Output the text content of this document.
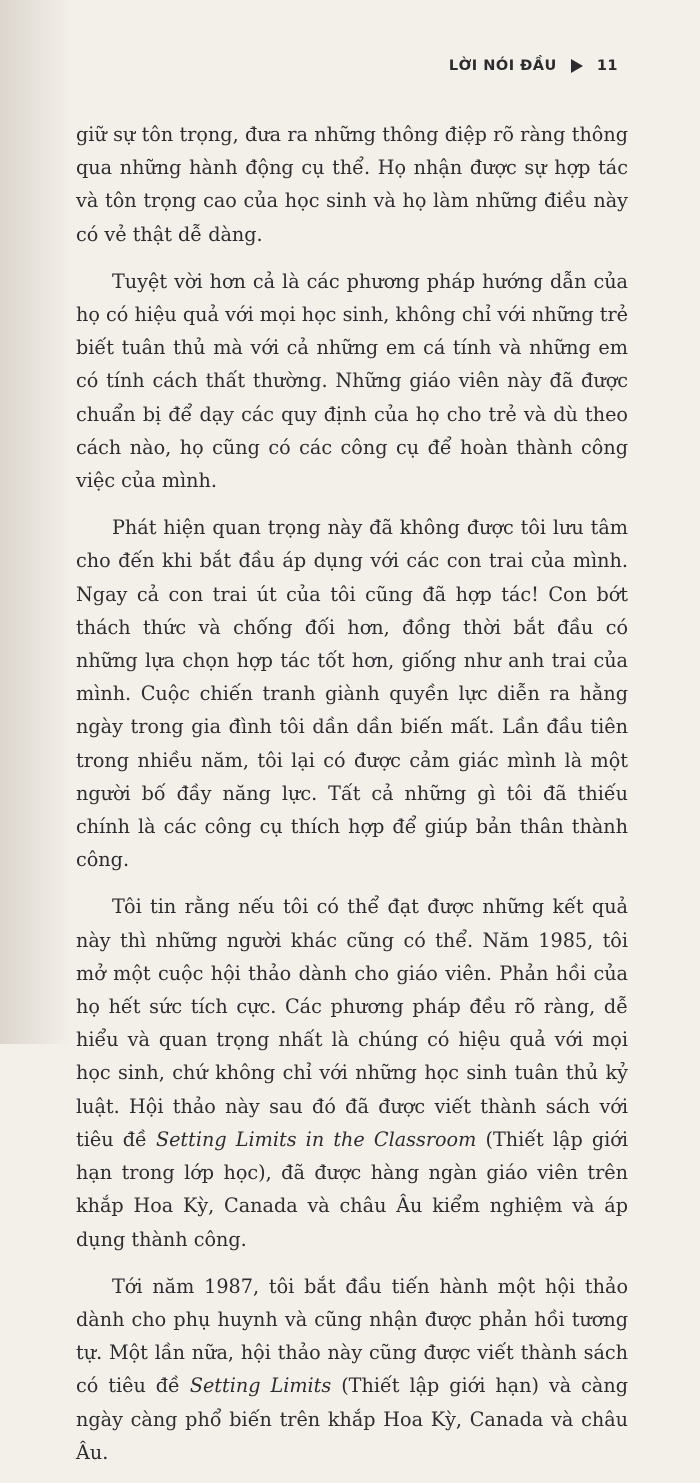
LỜI NÓI ĐẦU	11

giữ sự tôn trọng, đưa ra những thông điệp rõ ràng thông qua những hành động cụ thể. Họ nhận được sự hợp tác và tôn trọng cao của học sinh và họ làm những điều này có vẻ thật dễ dàng.

Tuyệt vời hơn cả là các phương pháp hướng dẫn của họ có hiệu quả với mọi học sinh, không chỉ với những trẻ biết tuân thủ mà với cả những em cá tính và những em có tính cách thất thường. Những giáo viên này đã được chuẩn bị để dạy các quy định của họ cho trẻ và dù theo cách nào, họ cũng có các công cụ để hoàn thành công việc của mình.

Phát hiện quan trọng này đã không được tôi lưu tâm cho đến khi bắt đầu áp dụng với các con trai của mình. Ngay cả con trai út của tôi cũng đã hợp tác! Con bớt thách thức và chống đối hơn, đồng thời bắt đầu có những lựa chọn hợp tác tốt hơn, giống như anh trai của mình. Cuộc chiến tranh giành quyền lực diễn ra hằng ngày trong gia đình tôi dần dần biến mất. Lần đầu tiên trong nhiều năm, tôi lại có được cảm giác mình là một người bố đầy năng lực. Tất cả những gì tôi đã thiếu chính là các công cụ thích hợp để giúp bản thân thành công.

Tôi tin rằng nếu tôi có thể đạt được những kết quả này thì những người khác cũng có thể. Năm 1985, tôi mở một cuộc hội thảo dành cho giáo viên. Phản hồi của họ hết sức tích cực. Các phương pháp đều rõ ràng, dễ hiểu và quan trọng nhất là chúng có hiệu quả với mọi học sinh, chứ không chỉ với những học sinh tuân thủ kỷ luật. Hội thảo này sau đó đã được viết thành sách với tiêu đề Setting Limits in the Classroom (Thiết lập giới hạn trong lớp học), đã được hàng ngàn giáo viên trên khắp Hoa Kỳ, Canada và châu Âu kiểm nghiệm và áp dụng thành công.

Tới năm 1987, tôi bắt đầu tiến hành một hội thảo dành cho phụ huynh và cũng nhận được phản hồi tương tự. Một lần nữa, hội thảo này cũng được viết thành sách có tiêu đề Setting Limits (Thiết lập giới hạn) và càng ngày càng phổ biến trên khắp Hoa Kỳ, Canada và châu Âu.
